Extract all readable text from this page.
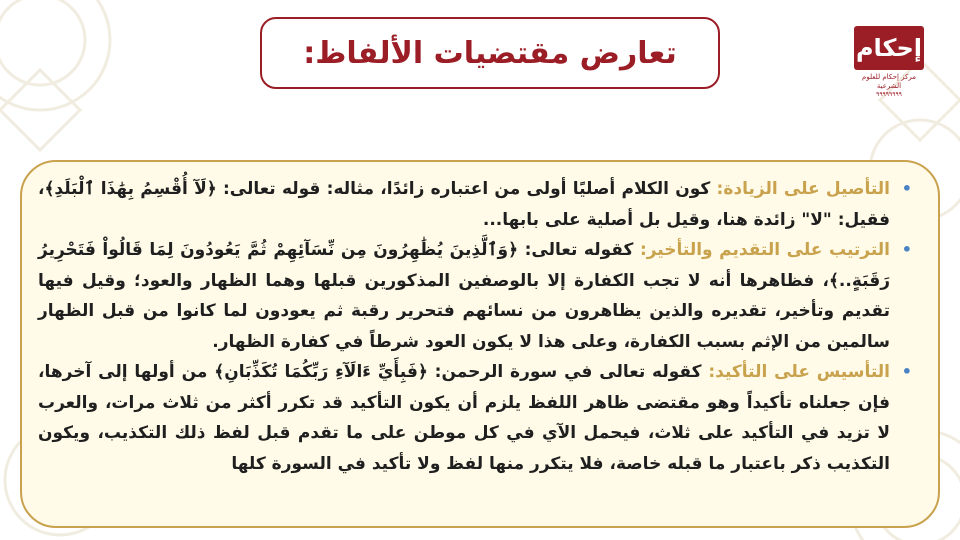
تعارض مقتضيات الألفاظ:	إحكام
مركز إحكام للعلوم الشرعية
٩٩٩٩٩٩٩٩
•
التأصيل على الزيادة: كون الكلام أصليًا أولى من اعتباره زائدًا، مثاله: قوله تعالى: ﴿لَآ أُقْسِمُ بِهَٰذَا ٱلْبَلَدِ﴾، فقيل: "لا" زائدة هنا، وقيل بل أصلية على بابها...
•
الترتيب على التقديم والتأخير: كقوله تعالى: ﴿وَٱلَّذِينَ يُظَٰهِرُونَ مِن نِّسَآئِهِمْ ثُمَّ يَعُودُونَ لِمَا قَالُواْ فَتَحْرِيرُ رَقَبَةٍ..﴾، فظاهرها أنه لا تجب الكفارة إلا بالوصفين المذكورين قبلها وهما الظهار والعود؛ وقيل فيها تقديم وتأخير، تقديره والذين يظاهرون من نسائهم فتحرير رقبة ثم يعودون لما كانوا من قبل الظهار سالمين من الإثم بسبب الكفارة، وعلى هذا لا يكون العود شرطاً في كفارة الظهار.
•
التأسيس على التأكيد: كقوله تعالى في سورة الرحمن: ﴿فَبِأَيِّ ءَالَآءِ رَبِّكُمَا تُكَذِّبَانِ﴾ من أولها إلى آخرها، فإن جعلناه تأكيداً وهو مقتضى ظاهر اللفظ يلزم أن يكون التأكيد قد تكرر أكثر من ثلاث مرات، والعرب لا تزيد في التأكيد على ثلاث، فيحمل الآي في كل موطن على ما تقدم قبل لفظ ذلك التكذيب، ويكون التكذيب ذكر باعتبار ما قبله خاصة، فلا يتكرر منها لفظ ولا تأكيد في السورة كلها
